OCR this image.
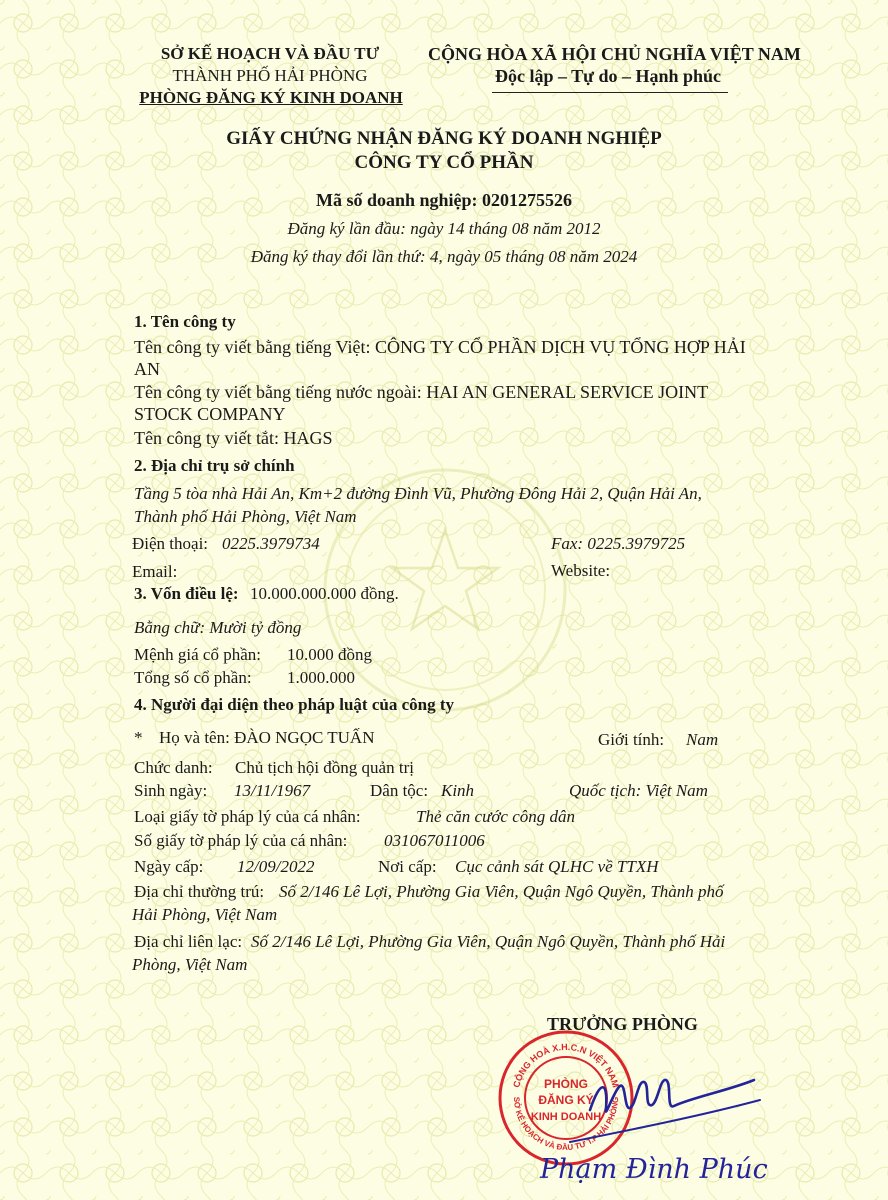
SỞ KẾ HOẠCH VÀ ĐẦU TƯ
THÀNH PHỐ HẢI PHÒNG
PHÒNG ĐĂNG KÝ KINH DOANH
CỘNG HÒA XÃ HỘI CHỦ NGHĨA VIỆT NAM
Độc lập – Tự do – Hạnh phúc
GIẤY CHỨNG NHẬN ĐĂNG KÝ DOANH NGHIỆP
CÔNG TY CỔ PHẦN
Mã số doanh nghiệp: 0201275526
Đăng ký lần đầu: ngày 14 tháng 08 năm 2012
Đăng ký thay đổi lần thứ: 4, ngày 05 tháng 08 năm 2024
1. Tên công ty
Tên công ty viết bằng tiếng Việt: CÔNG TY CỔ PHẦN DỊCH VỤ TỔNG HỢP HẢI
AN
Tên công ty viết bằng tiếng nước ngoài: HAI AN GENERAL SERVICE JOINT
STOCK COMPANY
Tên công ty viết tắt: HAGS
2. Địa chỉ trụ sở chính
Tầng 5 tòa nhà Hải An, Km+2 đường Đình Vũ, Phường Đông Hải 2, Quận Hải An,
Thành phố Hải Phòng, Việt Nam
Điện thoại: 0225.3979734	Fax: 0225.3979725
Email:	Website:
3. Vốn điều lệ: 10.000.000.000 đồng.
Bằng chữ: Mười tỷ đồng
Mệnh giá cổ phần: 10.000 đồng
Tổng số cổ phần: 1.000.000
4. Người đại diện theo pháp luật của công ty
* Họ và tên: ĐÀO NGỌC TUẤN	Giới tính: Nam
Chức danh: Chủ tịch hội đồng quản trị
Sinh ngày: 13/11/1967	Dân tộc: Kinh	Quốc tịch: Việt Nam
Loại giấy tờ pháp lý của cá nhân:	Thẻ căn cước công dân
Số giấy tờ pháp lý của cá nhân: 031067011006
Ngày cấp: 12/09/2022	Nơi cấp: Cục cảnh sát QLHC về TTXH
Địa chỉ thường trú: Số 2/146 Lê Lợi, Phường Gia Viên, Quận Ngô Quyền, Thành phố
Hải Phòng, Việt Nam
Địa chỉ liên lạc: Số 2/146 Lê Lợi, Phường Gia Viên, Quận Ngô Quyền, Thành phố Hải
Phòng, Việt Nam
TRƯỞNG PHÒNG
CỘNG HOÀ X.H.C.N VIỆT NAM
SỞ KẾ HOẠCH VÀ ĐẦU TƯ T.P HẢI PHÒNG
PHÒNG
ĐĂNG KÝ
KINH DOANH
Phạm Đình Phúc
